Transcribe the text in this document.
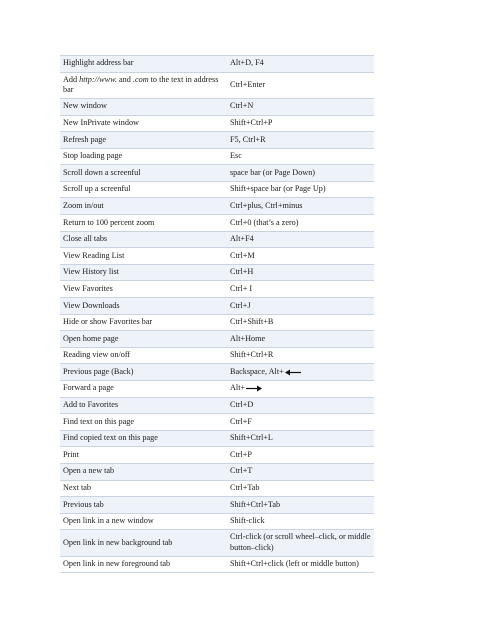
Highlight address bar	Alt+D, F4
Add http://www. and .com to the text in address bar	Ctrl+Enter
New window	Ctrl+N
New InPrivate window	Shift+Ctrl+P
Refresh page	F5, Ctrl+R
Stop loading page	Esc
Scroll down a screenful	space bar (or Page Down)
Scroll up a screenful	Shift+space bar (or Page Up)
Zoom in/out	Ctrl+plus, Ctrl+minus
Return to 100 percent zoom	Ctrl+0 (that’s a zero)
Close all tabs	Alt+F4
View Reading List	Ctrl+M
View History list	Ctrl+H
View Favorites	Ctrl+ I
View Downloads	Ctrl+J
Hide or show Favorites bar	Ctrl+Shift+B
Open home page	Alt+Home
Reading view on/off	Shift+Ctrl+R
Previous page (Back)	Backspace, Alt+
Forward a page	Alt+
Add to Favorites	Ctrl+D
Find text on this page	Ctrl+F
Find copied text on this page	Shift+Ctrl+L
Print	Ctrl+P
Open a new tab	Ctrl+T
Next tab	Ctrl+Tab
Previous tab	Shift+Ctrl+Tab
Open link in a new window	Shift-click
Open link in new background tab	Ctrl-click (or scroll wheel–click, or middle button–click)
Open link in new foreground tab	Shift+Ctrl+click (left or middle button)
